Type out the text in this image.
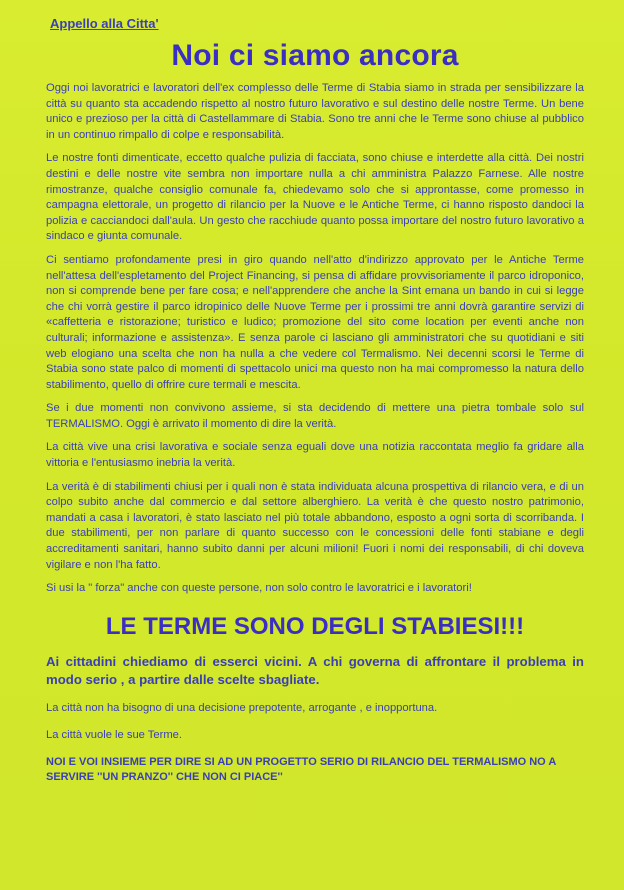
Appello alla Citta'
Noi ci siamo ancora

Oggi noi lavoratrici e lavoratori dell'ex complesso delle Terme di Stabia siamo in strada per sensibilizzare la città su quanto sta accadendo rispetto al nostro futuro lavorativo e sul destino delle nostre Terme. Un bene unico e prezioso per la città di Castellammare di Stabia. Sono tre anni che le Terme sono chiuse al pubblico in un continuo rimpallo di colpe e responsabilità.

Le nostre fonti dimenticate, eccetto qualche pulizia di facciata, sono chiuse e interdette alla città. Dei nostri destini e delle nostre vite sembra non importare nulla a chi amministra Palazzo Farnese. Alle nostre rimostranze, qualche consiglio comunale fa, chiedevamo solo che si approntasse, come promesso in campagna elettorale, un progetto di rilancio per la Nuove e le Antiche Terme, ci hanno risposto dandoci la polizia e cacciandoci dall'aula. Un gesto che racchiude quanto possa importare del nostro futuro lavorativo a sindaco e giunta comunale.

Ci sentiamo profondamente presi in giro quando nell'atto d'indirizzo approvato per le Antiche Terme nell'attesa dell'espletamento del Project Financing, si pensa di affidare provvisoriamente il parco idroponico, non si comprende bene per fare cosa; e nell'apprendere che anche la Sint emana un bando in cui si legge che chi vorrà gestire il parco idropinico delle Nuove Terme per i prossimi tre anni dovrà garantire servizi di «caffetteria e ristorazione; turistico e ludico; promozione del sito come location per eventi anche non culturali; informazione e assistenza». E senza parole ci lasciano gli amministratori che su quotidiani e siti web elogiano una scelta che non ha nulla a che vedere col Termalismo. Nei decenni scorsi le Terme di Stabia sono state palco di momenti di spettacolo unici ma questo non ha mai compromesso la natura dello stabilimento, quello di offrire cure termali e mescita.

Se i due momenti non convivono assieme, si sta decidendo di mettere una pietra tombale solo sul TERMALISMO. Oggi è arrivato il momento di dire la verità.

La città vive una crisi lavorativa e sociale senza eguali dove una notizia raccontata meglio fa gridare alla vittoria e l'entusiasmo inebria la verità.

La verità è di stabilimenti chiusi per i quali non è stata individuata alcuna prospettiva di rilancio vera, e di un colpo subito anche dal commercio e dal settore alberghiero. La verità è che questo nostro patrimonio, mandati a casa i lavoratori, è stato lasciato nel più totale abbandono, esposto a ogni sorta di scorribanda. I due stabilimenti, per non parlare di quanto successo con le concessioni delle fonti stabiane e degli accreditamenti sanitari, hanno subito danni per alcuni milioni! Fuori i nomi dei responsabili, di chi doveva vigilare e non l'ha fatto.

Si usi la " forza" anche con queste persone, non solo contro le lavoratrici e i lavoratori!

LE TERME SONO DEGLI STABIESI!!!

Ai cittadini chiediamo di esserci vicini. A chi governa di affrontare il problema in modo serio , a partire dalle scelte sbagliate.

La città non ha bisogno di una decisione prepotente, arrogante , e inopportuna.

La città vuole le sue Terme.

NOI E VOI INSIEME PER DIRE SI AD UN PROGETTO SERIO DI RILANCIO DEL TERMALISMO NO A SERVIRE ''UN PRANZO'' CHE NON CI PIACE''
